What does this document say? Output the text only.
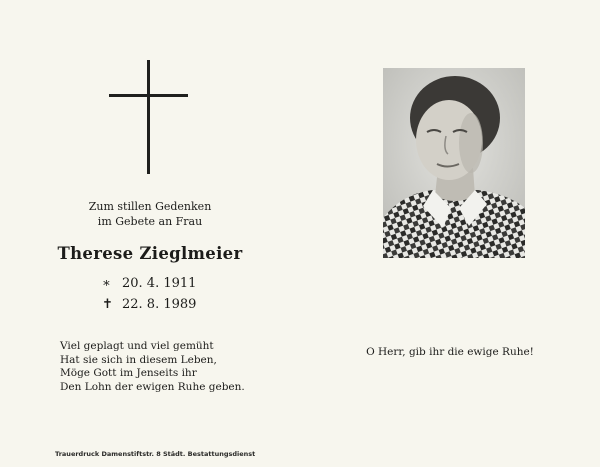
Zum stillen Gedenken
im Gebete an Frau
Therese Zieglmeier
∗ 20. 4. 1911
✝ 22. 8. 1989
Viel geplagt und viel gemüht
Hat sie sich in diesem Leben,
Möge Gott im Jenseits ihr
Den Lohn der ewigen Ruhe geben.
O Herr, gib ihr die ewige Ruhe!
Trauerdruck Damenstiftstr. 8 Städt. Bestattungsdienst
